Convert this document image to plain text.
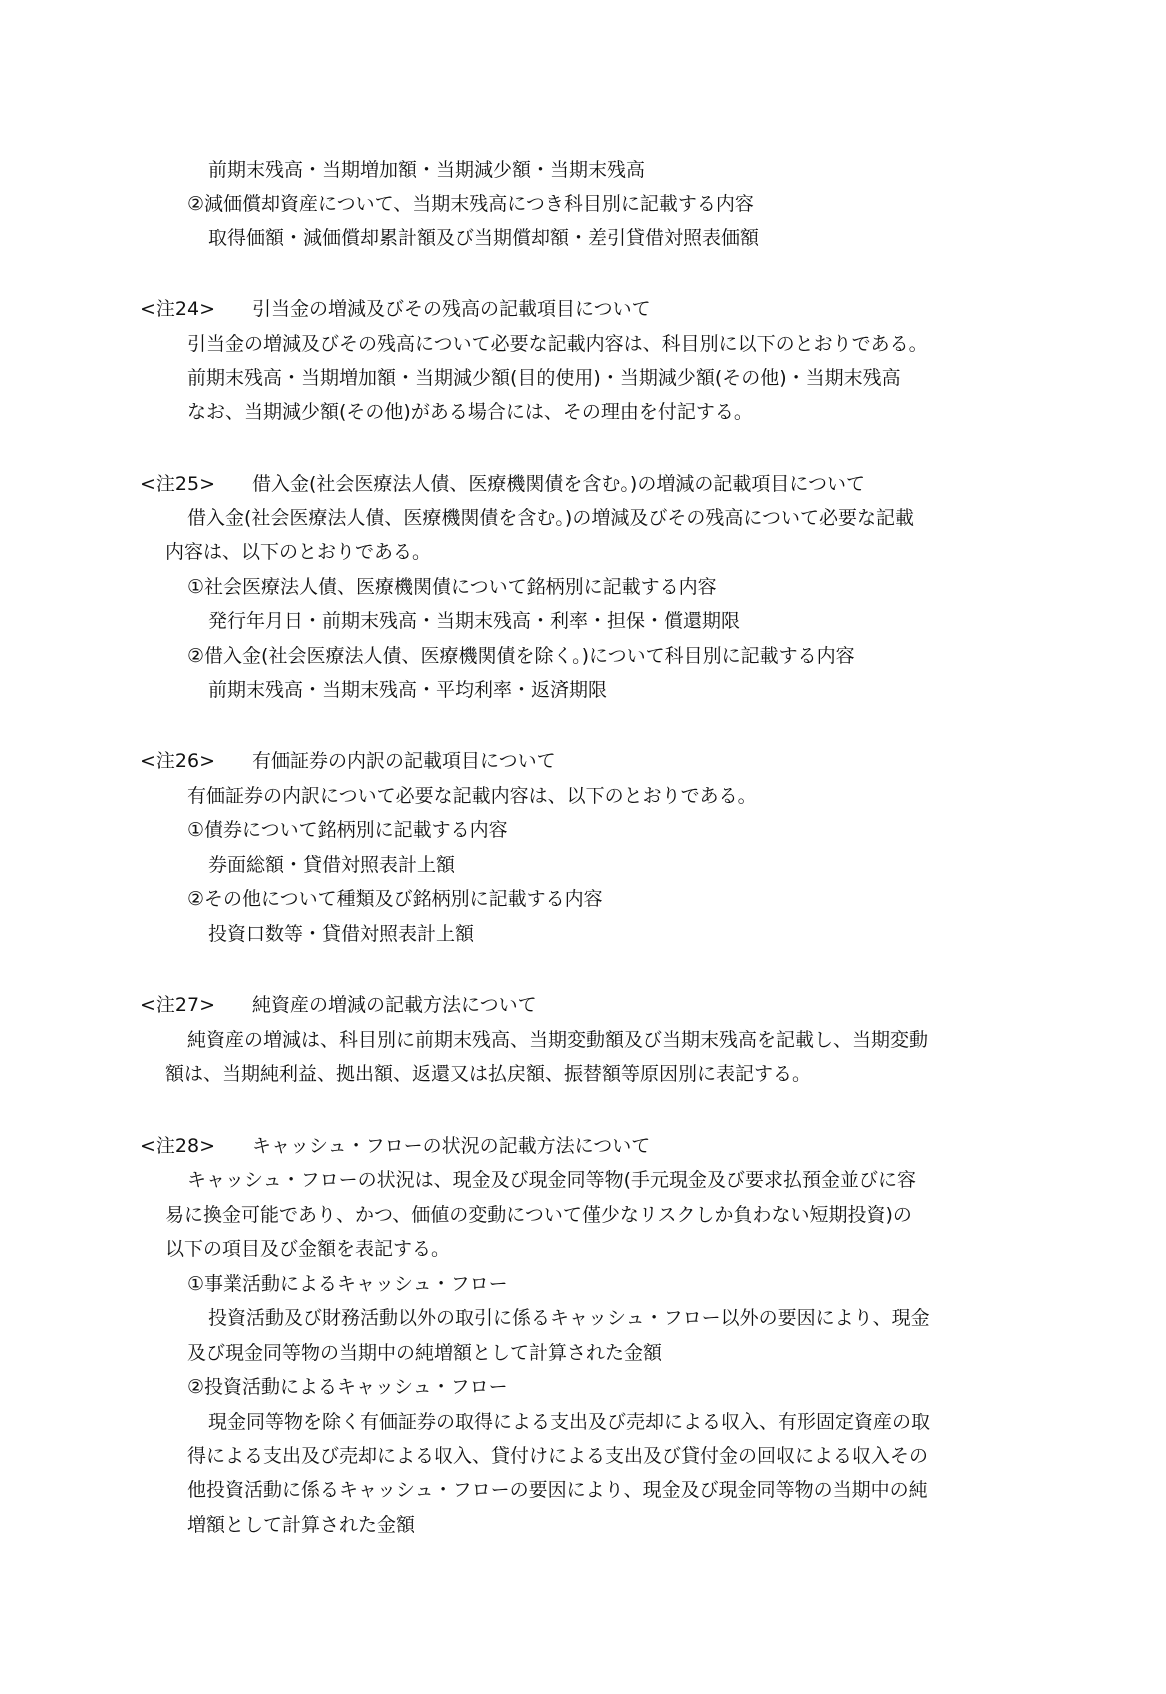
前期末残高・当期増加額・当期減少額・当期末残高
②減価償却資産について、当期末残高につき科目別に記載する内容
取得価額・減価償却累計額及び当期償却額・差引貸借対照表価額
<注24> 引当金の増減及びその残高の記載項目について
引当金の増減及びその残高について必要な記載内容は、科目別に以下のとおりである。
前期末残高・当期増加額・当期減少額(目的使用)・当期減少額(その他)・当期末残高
なお、当期減少額(その他)がある場合には、その理由を付記する。
<注25> 借入金(社会医療法人債、医療機関債を含む。)の増減の記載項目について
借入金(社会医療法人債、医療機関債を含む。)の増減及びその残高について必要な記載
内容は、以下のとおりである。
①社会医療法人債、医療機関債について銘柄別に記載する内容
発行年月日・前期末残高・当期末残高・利率・担保・償還期限
②借入金(社会医療法人債、医療機関債を除く。)について科目別に記載する内容
前期末残高・当期末残高・平均利率・返済期限
<注26> 有価証券の内訳の記載項目について
有価証券の内訳について必要な記載内容は、以下のとおりである。
①債券について銘柄別に記載する内容
券面総額・貸借対照表計上額
②その他について種類及び銘柄別に記載する内容
投資口数等・貸借対照表計上額
<注27> 純資産の増減の記載方法について
純資産の増減は、科目別に前期末残高、当期変動額及び当期末残高を記載し、当期変動
額は、当期純利益、拠出額、返還又は払戻額、振替額等原因別に表記する。
<注28> キャッシュ・フローの状況の記載方法について
キャッシュ・フローの状況は、現金及び現金同等物(手元現金及び要求払預金並びに容
易に換金可能であり、かつ、価値の変動について僅少なリスクしか負わない短期投資)の
以下の項目及び金額を表記する。
①事業活動によるキャッシュ・フロー
投資活動及び財務活動以外の取引に係るキャッシュ・フロー以外の要因により、現金
及び現金同等物の当期中の純増額として計算された金額
②投資活動によるキャッシュ・フロー
現金同等物を除く有価証券の取得による支出及び売却による収入、有形固定資産の取
得による支出及び売却による収入、貸付けによる支出及び貸付金の回収による収入その
他投資活動に係るキャッシュ・フローの要因により、現金及び現金同等物の当期中の純
増額として計算された金額
